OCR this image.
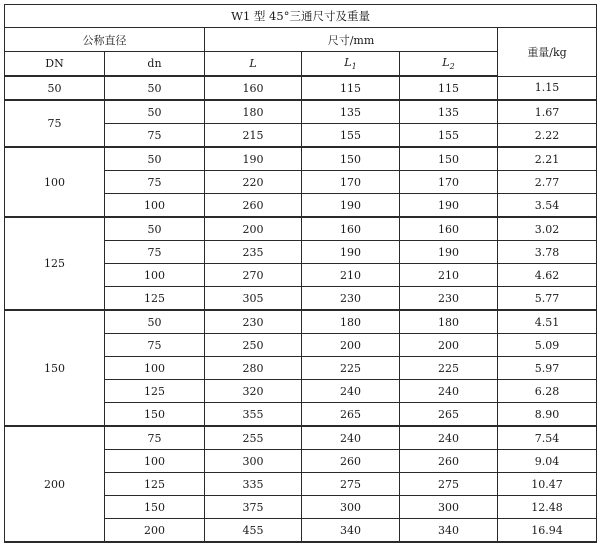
W1 型 45°三通尺寸及重量					
公称直径		尺寸/mm			重量/kg
DN	dn	L	$L_1$	$L_2$
50	50	160	115	115	1.15
75	50	180	135	135	1.67
	75	215	155	155	2.22
100	50	190	150	150	2.21
	75	220	170	170	2.77
	100	260	190	190	3.54
125	50	200	160	160	3.02
	75	235	190	190	3.78
	100	270	210	210	4.62
	125	305	230	230	5.77
150	50	230	180	180	4.51
	75	250	200	200	5.09
	100	280	225	225	5.97
	125	320	240	240	6.28
	150	355	265	265	8.90
200	75	255	240	240	7.54
	100	300	260	260	9.04
	125	335	275	275	10.47
	150	375	300	300	12.48
	200	455	340	340	16.94
